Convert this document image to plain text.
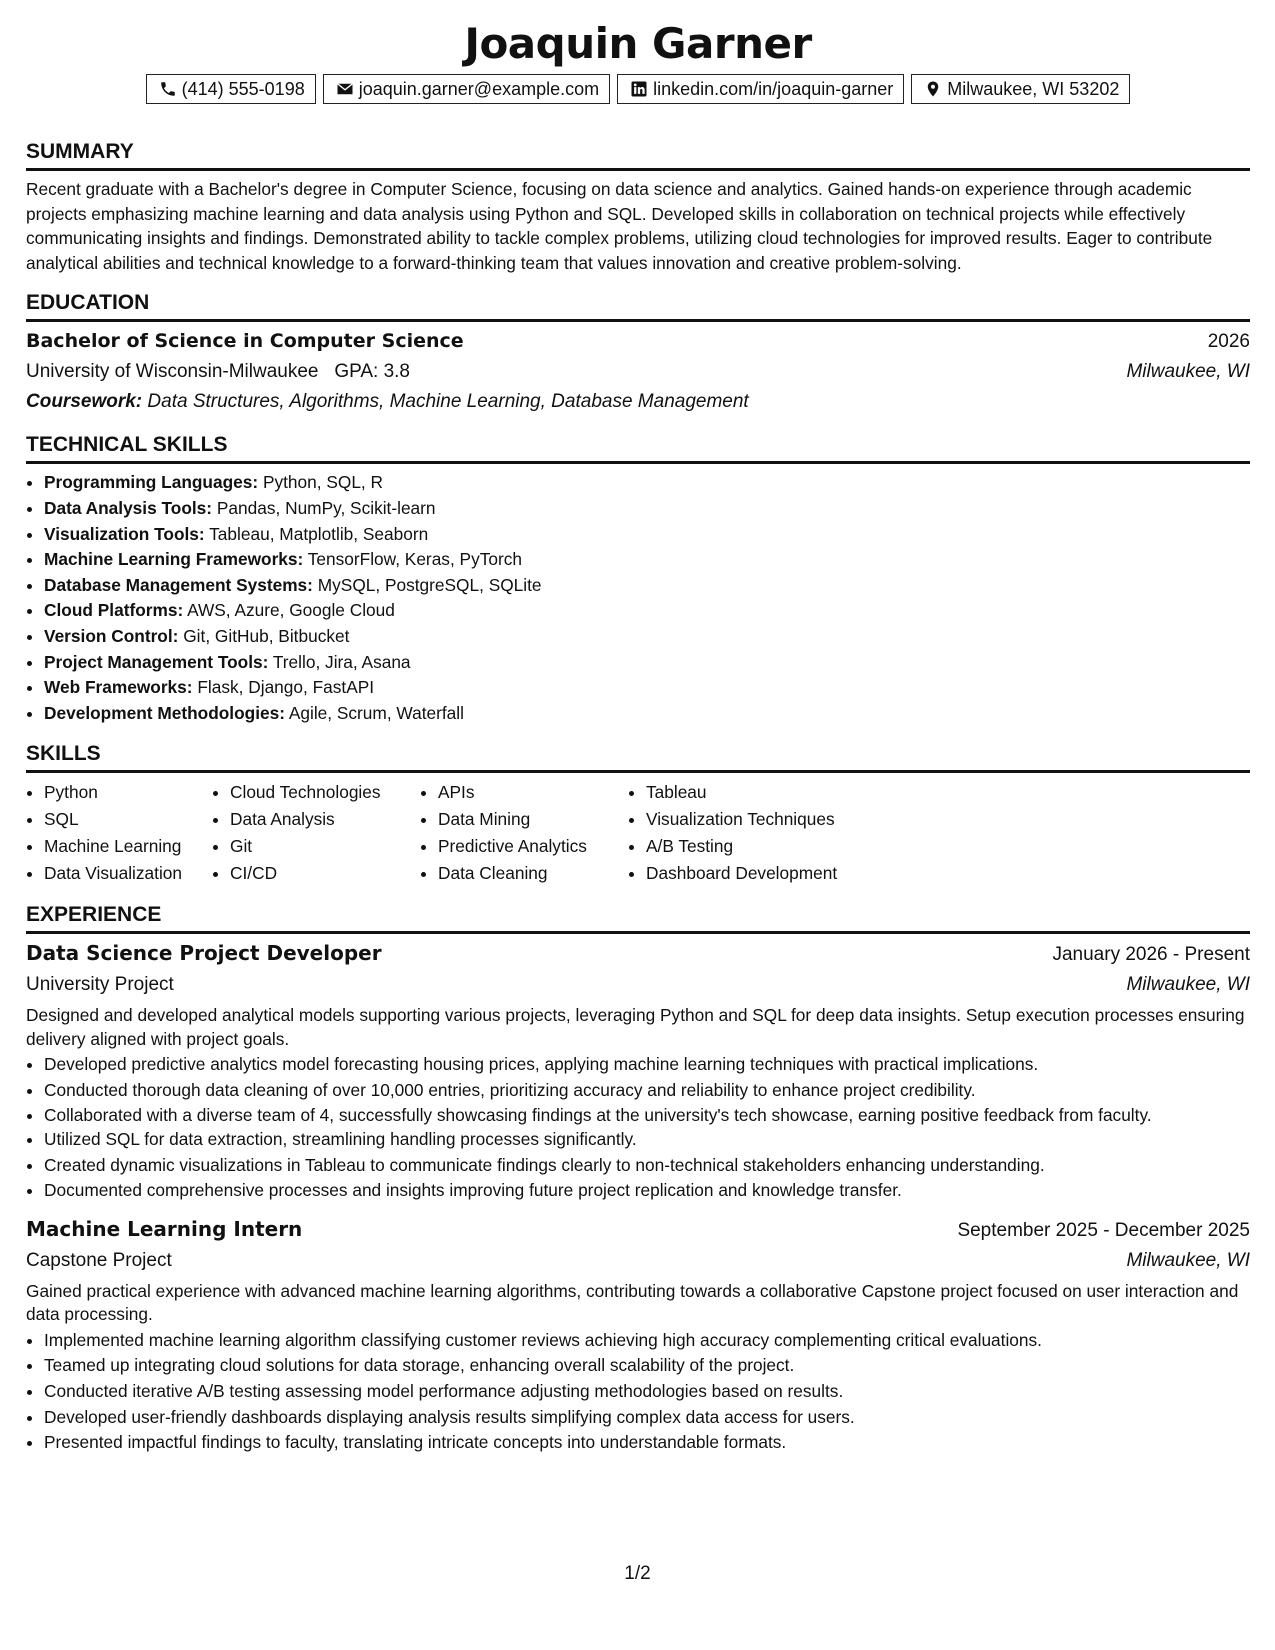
Joaquin Garner
(414) 555-0198	joaquin.garner@example.com	linkedin.com/in/joaquin-garner	Milwaukee, WI 53202
SUMMARY

Recent graduate with a Bachelor's degree in Computer Science, focusing on data science and analytics. Gained hands-on experience through academic projects emphasizing machine learning and data analysis using Python and SQL. Developed skills in collaboration on technical projects while effectively communicating insights and findings. Demonstrated ability to tackle complex problems, utilizing cloud technologies for improved results. Eager to contribute analytical abilities and technical knowledge to a forward-thinking team that values innovation and creative problem-solving.

EDUCATION
Bachelor of Science in Computer Science	2026
University of Wisconsin-Milwaukee GPA: 3.8	Milwaukee, WI
Coursework: Data Structures, Algorithms, Machine Learning, Database Management
TECHNICAL SKILLS
• Programming Languages: Python, SQL, R
• Data Analysis Tools: Pandas, NumPy, Scikit-learn
• Visualization Tools: Tableau, Matplotlib, Seaborn
• Machine Learning Frameworks: TensorFlow, Keras, PyTorch
• Database Management Systems: MySQL, PostgreSQL, SQLite
• Cloud Platforms: AWS, Azure, Google Cloud
• Version Control: Git, GitHub, Bitbucket
• Project Management Tools: Trello, Jira, Asana
• Web Frameworks: Flask, Django, FastAPI
• Development Methodologies: Agile, Scrum, Waterfall
SKILLS
• Python
• SQL
• Machine Learning
• Data Visualization
• Cloud Technologies
• Data Analysis
• Git
• CI/CD
• APIs
• Data Mining
• Predictive Analytics
• Data Cleaning
• Tableau
• Visualization Techniques
• A/B Testing
• Dashboard Development
EXPERIENCE
Data Science Project Developer	January 2026 - Present
University Project	Milwaukee, WI

Designed and developed analytical models supporting various projects, leveraging Python and SQL for deep data insights. Setup execution processes ensuring delivery aligned with project goals.

• Developed predictive analytics model forecasting housing prices, applying machine learning techniques with practical implications.
• Conducted thorough data cleaning of over 10,000 entries, prioritizing accuracy and reliability to enhance project credibility.
• Collaborated with a diverse team of 4, successfully showcasing findings at the university's tech showcase, earning positive feedback from faculty.
• Utilized SQL for data extraction, streamlining handling processes significantly.
• Created dynamic visualizations in Tableau to communicate findings clearly to non-technical stakeholders enhancing understanding.
• Documented comprehensive processes and insights improving future project replication and knowledge transfer.
Machine Learning Intern	September 2025 - December 2025
Capstone Project	Milwaukee, WI

Gained practical experience with advanced machine learning algorithms, contributing towards a collaborative Capstone project focused on user interaction and data processing.

• Implemented machine learning algorithm classifying customer reviews achieving high accuracy complementing critical evaluations.
• Teamed up integrating cloud solutions for data storage, enhancing overall scalability of the project.
• Conducted iterative A/B testing assessing model performance adjusting methodologies based on results.
• Developed user-friendly dashboards displaying analysis results simplifying complex data access for users.
• Presented impactful findings to faculty, translating intricate concepts into understandable formats.
1/2
